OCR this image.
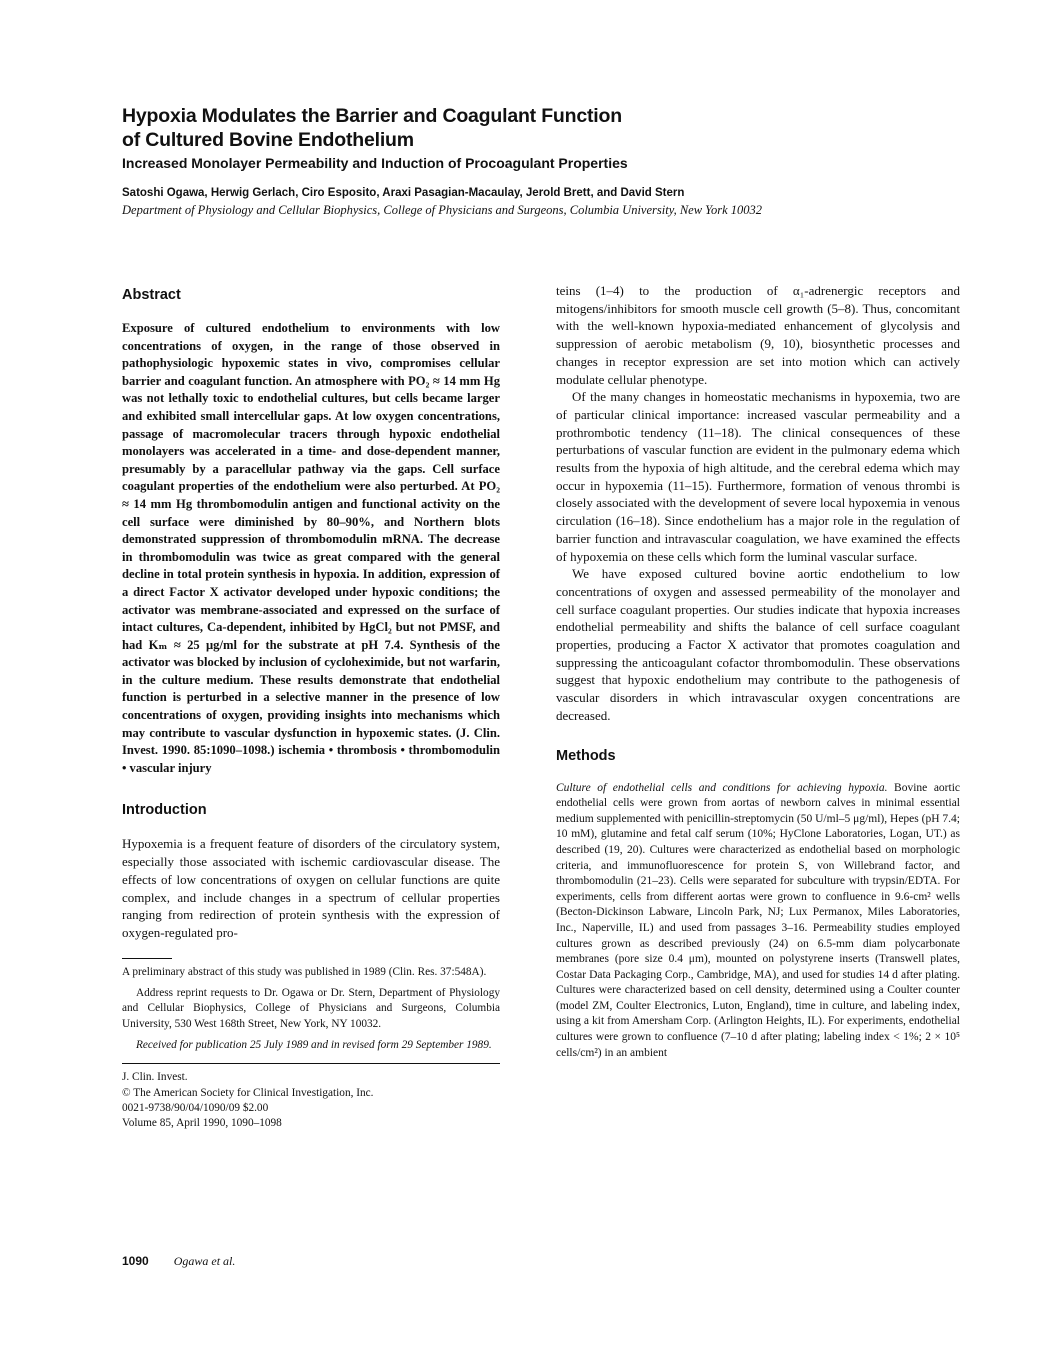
Hypoxia Modulates the Barrier and Coagulant Function
of Cultured Bovine Endothelium

Increased Monolayer Permeability and Induction of Procoagulant Properties

Satoshi Ogawa, Herwig Gerlach, Ciro Esposito, Araxi Pasagian-Macaulay, Jerold Brett, and David Stern

Department of Physiology and Cellular Biophysics, College of Physicians and Surgeons, Columbia University, New York 10032

Abstract

Exposure of cultured endothelium to environments with low concentrations of oxygen, in the range of those observed in pathophysiologic hypoxemic states in vivo, compromises cellular barrier and coagulant function. An atmosphere with PO₂ ≈ 14 mm Hg was not lethally toxic to endothelial cultures, but cells became larger and exhibited small intercellular gaps. At low oxygen concentrations, passage of macromolecular tracers through hypoxic endothelial monolayers was accelerated in a time- and dose-dependent manner, presumably by a paracellular pathway via the gaps. Cell surface coagulant properties of the endothelium were also perturbed. At PO₂ ≈ 14 mm Hg thrombomodulin antigen and functional activity on the cell surface were diminished by 80–90%, and Northern blots demonstrated suppression of thrombomodulin mRNA. The decrease in thrombomodulin was twice as great compared with the general decline in total protein synthesis in hypoxia. In addition, expression of a direct Factor X activator developed under hypoxic conditions; the activator was membrane-associated and expressed on the surface of intact cultures, Ca-dependent, inhibited by HgCl₂ but not PMSF, and had Kₘ ≈ 25 μg/ml for the substrate at pH 7.4. Synthesis of the activator was blocked by inclusion of cycloheximide, but not warfarin, in the culture medium. These results demonstrate that endothelial function is perturbed in a selective manner in the presence of low concentrations of oxygen, providing insights into mechanisms which may contribute to vascular dysfunction in hypoxemic states. (J. Clin. Invest. 1990. 85:1090–1098.) ischemia • thrombosis • thrombomodulin • vascular injury

Introduction

Hypoxemia is a frequent feature of disorders of the circulatory system, especially those associated with ischemic cardiovascular disease. The effects of low concentrations of oxygen on cellular functions are quite complex, and include changes in a spectrum of cellular properties ranging from redirection of protein synthesis with the expression of oxygen-regulated pro-

A preliminary abstract of this study was published in 1989 (Clin. Res. 37:548A).

Address reprint requests to Dr. Ogawa or Dr. Stern, Department of Physiology and Cellular Biophysics, College of Physicians and Surgeons, Columbia University, 530 West 168th Street, New York, NY 10032.

Received for publication 25 July 1989 and in revised form 29 September 1989.

J. Clin. Invest.

© The American Society for Clinical Investigation, Inc.

0021-9738/90/04/1090/09 $2.00

Volume 85, April 1990, 1090–1098

teins (1–4) to the production of α₁-adrenergic receptors and mitogens/inhibitors for smooth muscle cell growth (5–8). Thus, concomitant with the well-known hypoxia-mediated enhancement of glycolysis and suppression of aerobic metabolism (9, 10), biosynthetic processes and changes in receptor expression are set into motion which can actively modulate cellular phenotype.

Of the many changes in homeostatic mechanisms in hypoxemia, two are of particular clinical importance: increased vascular permeability and a prothrombotic tendency (11–18). The clinical consequences of these perturbations of vascular function are evident in the pulmonary edema which results from the hypoxia of high altitude, and the cerebral edema which may occur in hypoxemia (11–15). Furthermore, formation of venous thrombi is closely associated with the development of severe local hypoxemia in venous circulation (16–18). Since endothelium has a major role in the regulation of barrier function and intravascular coagulation, we have examined the effects of hypoxemia on these cells which form the luminal vascular surface.

We have exposed cultured bovine aortic endothelium to low concentrations of oxygen and assessed permeability of the monolayer and cell surface coagulant properties. Our studies indicate that hypoxia increases endothelial permeability and shifts the balance of cell surface coagulant properties, producing a Factor X activator that promotes coagulation and suppressing the anticoagulant cofactor thrombomodulin. These observations suggest that hypoxic endothelium may contribute to the pathogenesis of vascular disorders in which intravascular oxygen concentrations are decreased.

Methods

Culture of endothelial cells and conditions for achieving hypoxia. Bovine aortic endothelial cells were grown from aortas of newborn calves in minimal essential medium supplemented with penicillin-streptomycin (50 U/ml–5 μg/ml), Hepes (pH 7.4; 10 mM), glutamine and fetal calf serum (10%; HyClone Laboratories, Logan, UT.) as described (19, 20). Cultures were characterized as endothelial based on morphologic criteria, and immunofluorescence for protein S, von Willebrand factor, and thrombomodulin (21–23). Cells were separated for subculture with trypsin/EDTA. For experiments, cells from different aortas were grown to confluence in 9.6-cm² wells (Becton-Dickinson Labware, Lincoln Park, NJ; Lux Permanox, Miles Laboratories, Inc., Naperville, IL) and used from passages 3–16. Permeability studies employed cultures grown as described previously (24) on 6.5-mm diam polycarbonate membranes (pore size 0.4 μm), mounted on polystyrene inserts (Transwell plates, Costar Data Packaging Corp., Cambridge, MA), and used for studies 14 d after plating. Cultures were characterized based on cell density, determined using a Coulter counter (model ZM, Coulter Electronics, Luton, England), time in culture, and labeling index, using a kit from Amersham Corp. (Arlington Heights, IL). For experiments, endothelial cultures were grown to confluence (7–10 d after plating; labeling index < 1%; 2 × 10⁵ cells/cm²) in an ambient

1090 Ogawa et al.
